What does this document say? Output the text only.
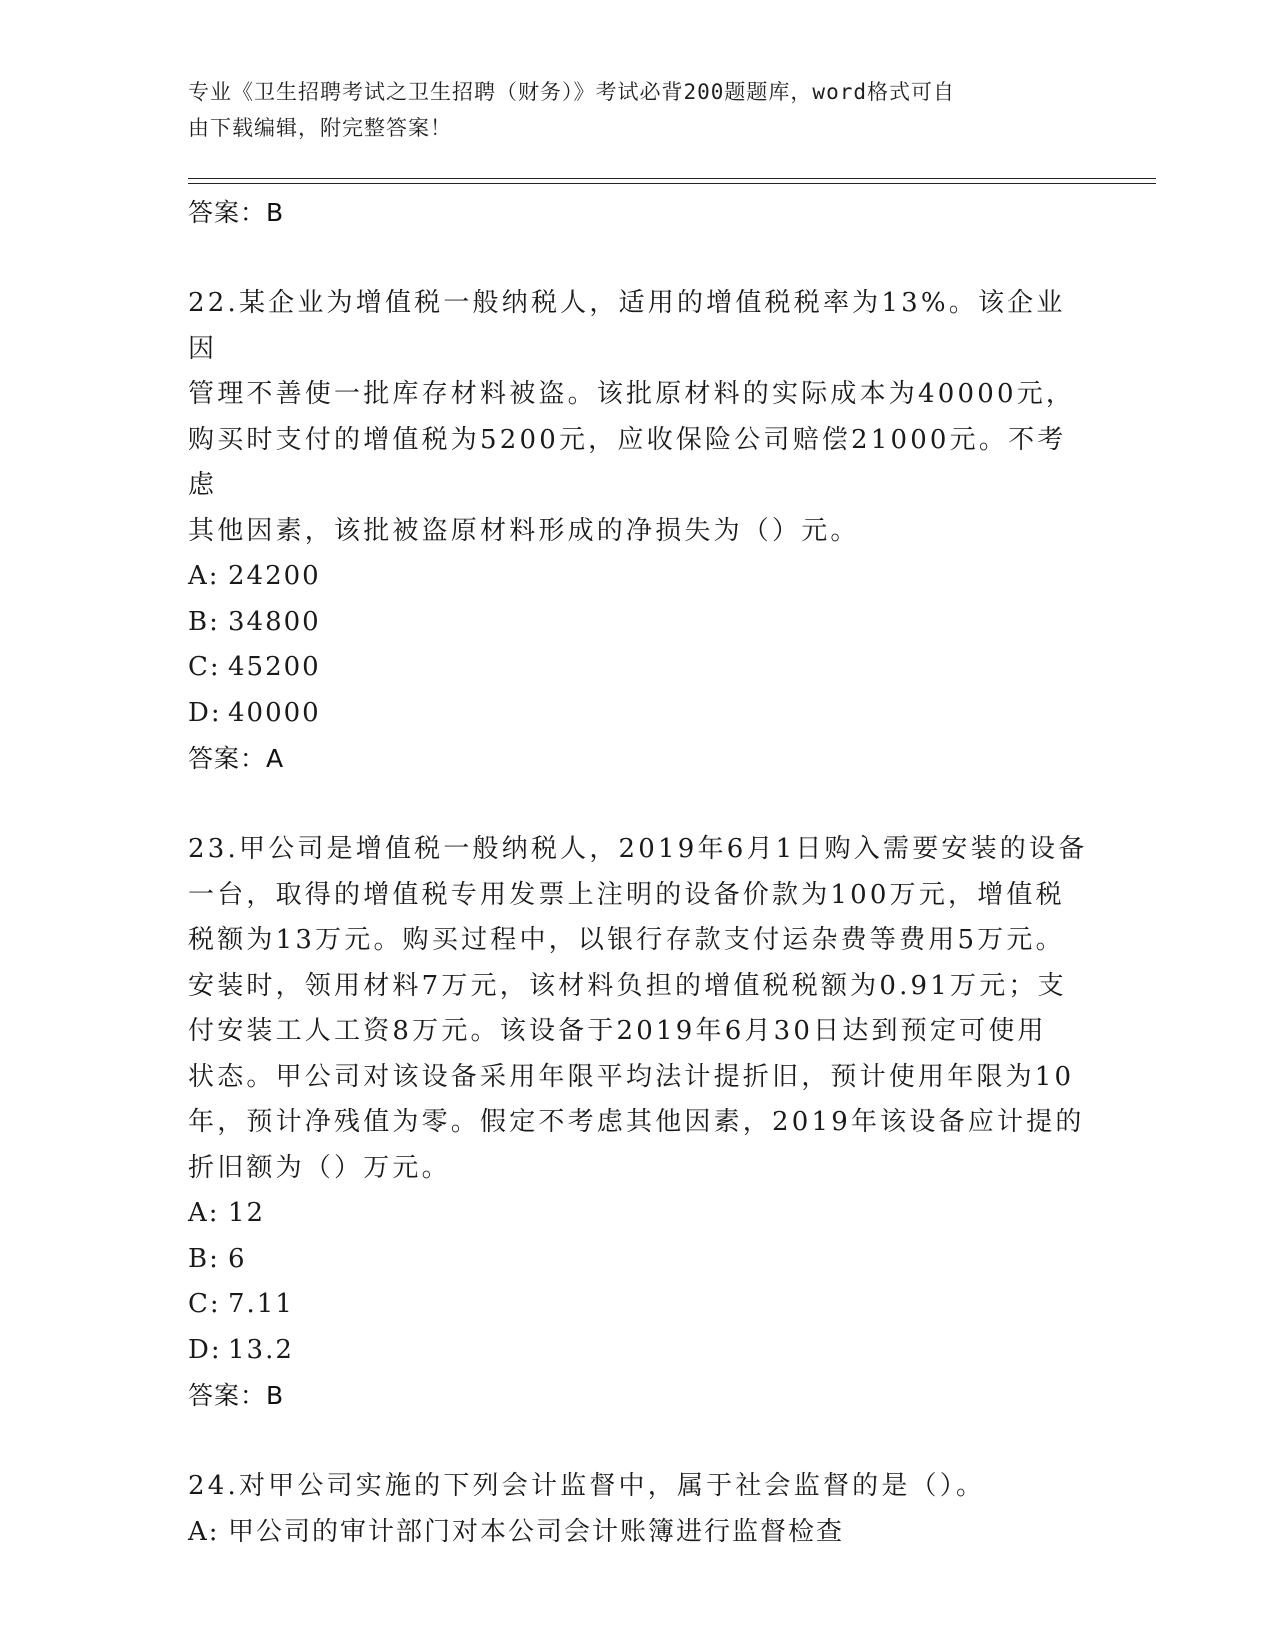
专业《卫生招聘考试之卫生招聘（财务）》考试必背200题题库，word格式可自
由下载编辑，附完整答案！
答案：B
22.某企业为增值税一般纳税人，适用的增值税税率为13%。该企业因
管理不善使一批库存材料被盗。该批原材料的实际成本为40000元，
购买时支付的增值税为5200元，应收保险公司赔偿21000元。不考虑
其他因素，该批被盗原材料形成的净损失为（）元。
A: 24200
B: 34800
C: 45200
D: 40000
答案：A
23.甲公司是增值税一般纳税人，2019年6月1日购入需要安装的设备
一台，取得的增值税专用发票上注明的设备价款为100万元，增值税
税额为13万元。购买过程中，以银行存款支付运杂费等费用5万元。
安装时，领用材料7万元，该材料负担的增值税税额为0.91万元；支
付安装工人工资8万元。该设备于2019年6月30日达到预定可使用
状态。甲公司对该设备采用年限平均法计提折旧，预计使用年限为10
年，预计净残值为零。假定不考虑其他因素，2019年该设备应计提的
折旧额为（）万元。
A: 12
B: 6
C: 7.11
D: 13.2
答案：B
24.对甲公司实施的下列会计监督中，属于社会监督的是（）。
A: 甲公司的审计部门对本公司会计账簿进行监督检查
